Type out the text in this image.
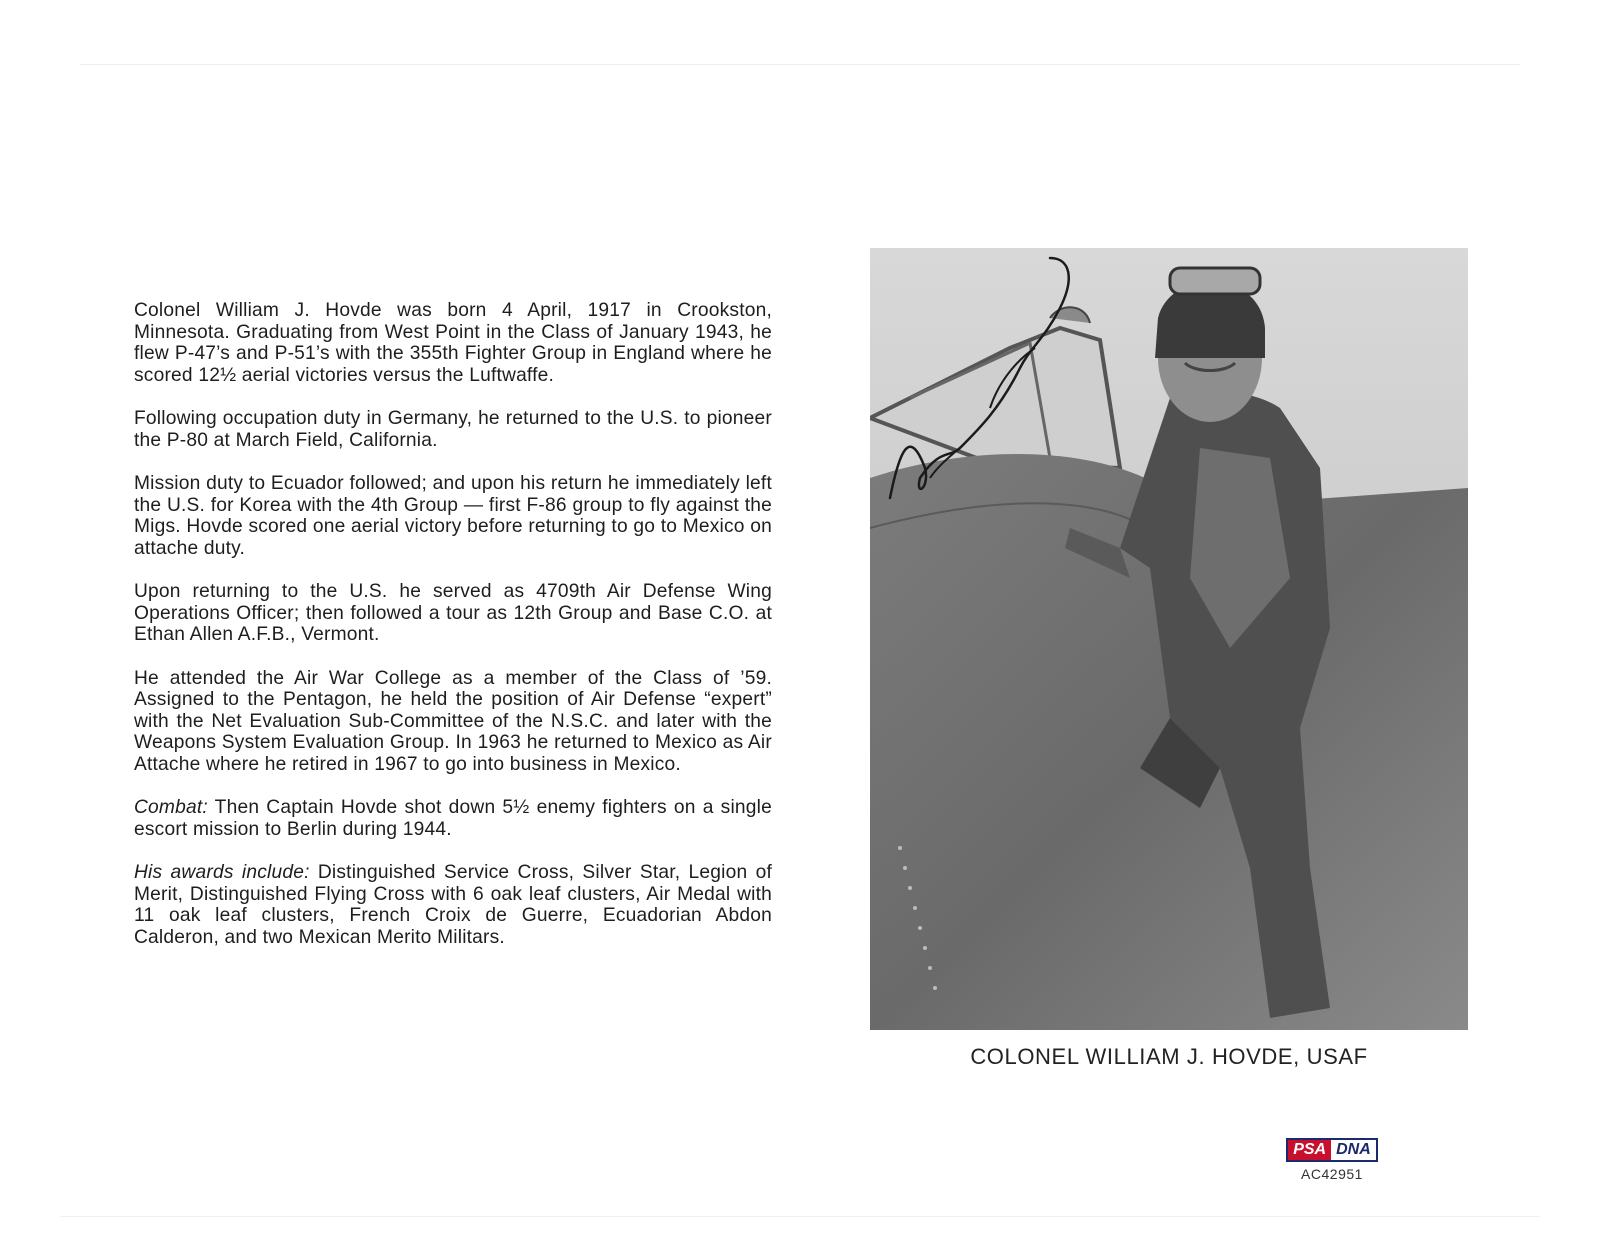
Colonel William J. Hovde was born 4 April, 1917 in Crookston, Minnesota. Graduating from West Point in the Class of January 1943, he flew P-47’s and P-51’s with the 355th Fighter Group in England where he scored 12½ aerial victories versus the Luftwaffe.

Following occupation duty in Germany, he returned to the U.S. to pioneer the P-80 at March Field, California.

Mission duty to Ecuador followed; and upon his return he immediately left the U.S. for Korea with the 4th Group — first F-86 group to fly against the Migs. Hovde scored one aerial victory before returning to go to Mexico on attache duty.

Upon returning to the U.S. he served as 4709th Air Defense Wing Operations Officer; then followed a tour as 12th Group and Base C.O. at Ethan Allen A.F.B., Vermont.

He attended the Air War College as a member of the Class of ’59. Assigned to the Pentagon, he held the position of Air Defense “expert” with the Net Evaluation Sub-Committee of the N.S.C. and later with the Weapons System Evaluation Group. In 1963 he returned to Mexico as Air Attache where he retired in 1967 to go into business in Mexico.

Combat: Then Captain Hovde shot down 5½ enemy fighters on a single escort mission to Berlin during 1944.

His awards include: Distinguished Service Cross, Silver Star, Legion of Merit, Distinguished Flying Cross with 6 oak leaf clusters, Air Medal with 11 oak leaf clusters, French Croix de Guerre, Ecuadorian Abdon Calderon, and two Mexican Merito Militars.

COLONEL WILLIAM J. HOVDE, USAF
PSA DNA
AC42951
